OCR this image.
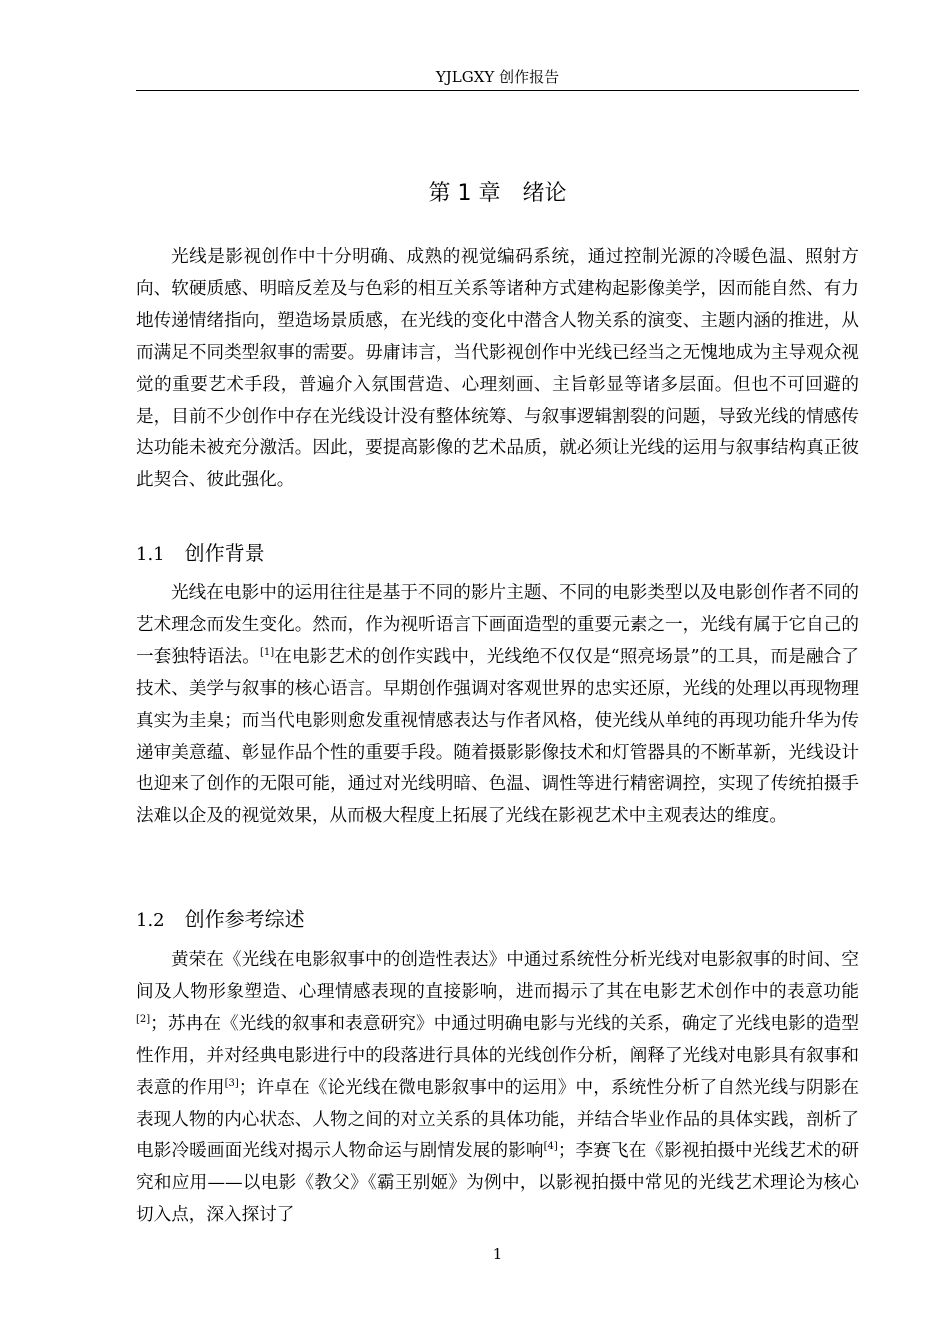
YJLGXY 创作报告
第 1 章 绪论

光线是影视创作中十分明确、成熟的视觉编码系统，通过控制光源的冷暖色温、照射方向、软硬质感、明暗反差及与色彩的相互关系等诸种方式建构起影像美学，因而能自然、有力地传递情绪指向，塑造场景质感，在光线的变化中潜含人物关系的演变、主题内涵的推进，从而满足不同类型叙事的需要。毋庸讳言，当代影视创作中光线已经当之无愧地成为主导观众视觉的重要艺术手段，普遍介入氛围营造、心理刻画、主旨彰显等诸多层面。但也不可回避的是，目前不少创作中存在光线设计没有整体统筹、与叙事逻辑割裂的问题，导致光线的情感传达功能未被充分激活。因此，要提高影像的艺术品质，就必须让光线的运用与叙事结构真正彼此契合、彼此强化。

1.1 创作背景

光线在电影中的运用往往是基于不同的影片主题、不同的电影类型以及电影创作者不同的艺术理念而发生变化。然而，作为视听语言下画面造型的重要元素之一，光线有属于它自己的一套独特语法。[1]在电影艺术的创作实践中，光线绝不仅仅是“照亮场景”的工具，而是融合了技术、美学与叙事的核心语言。早期创作强调对客观世界的忠实还原，光线的处理以再现物理真实为圭臬；而当代电影则愈发重视情感表达与作者风格，使光线从单纯的再现功能升华为传递审美意蕴、彰显作品个性的重要手段。随着摄影影像技术和灯管器具的不断革新，光线设计也迎来了创作的无限可能，通过对光线明暗、色温、调性等进行精密调控，实现了传统拍摄手法难以企及的视觉效果，从而极大程度上拓展了光线在影视艺术中主观表达的维度。

1.2 创作参考综述

黄荣在《光线在电影叙事中的创造性表达》中通过系统性分析光线对电影叙事的时间、空间及人物形象塑造、心理情感表现的直接影响，进而揭示了其在电影艺术创作中的表意功能[2]；苏冉在《光线的叙事和表意研究》中通过明确电影与光线的关系，确定了光线电影的造型性作用，并对经典电影进行中的段落进行具体的光线创作分析，阐释了光线对电影具有叙事和表意的作用[3]；许卓在《论光线在微电影叙事中的运用》中，系统性分析了自然光线与阴影在表现人物的内心状态、人物之间的对立关系的具体功能，并结合毕业作品的具体实践，剖析了电影冷暖画面光线对揭示人物命运与剧情发展的影响[4]；李赛飞在《影视拍摄中光线艺术的研究和应用——以电影《教父》《霸王别姬》为例中，以影视拍摄中常见的光线艺术理论为核心切入点，深入探讨了

1
